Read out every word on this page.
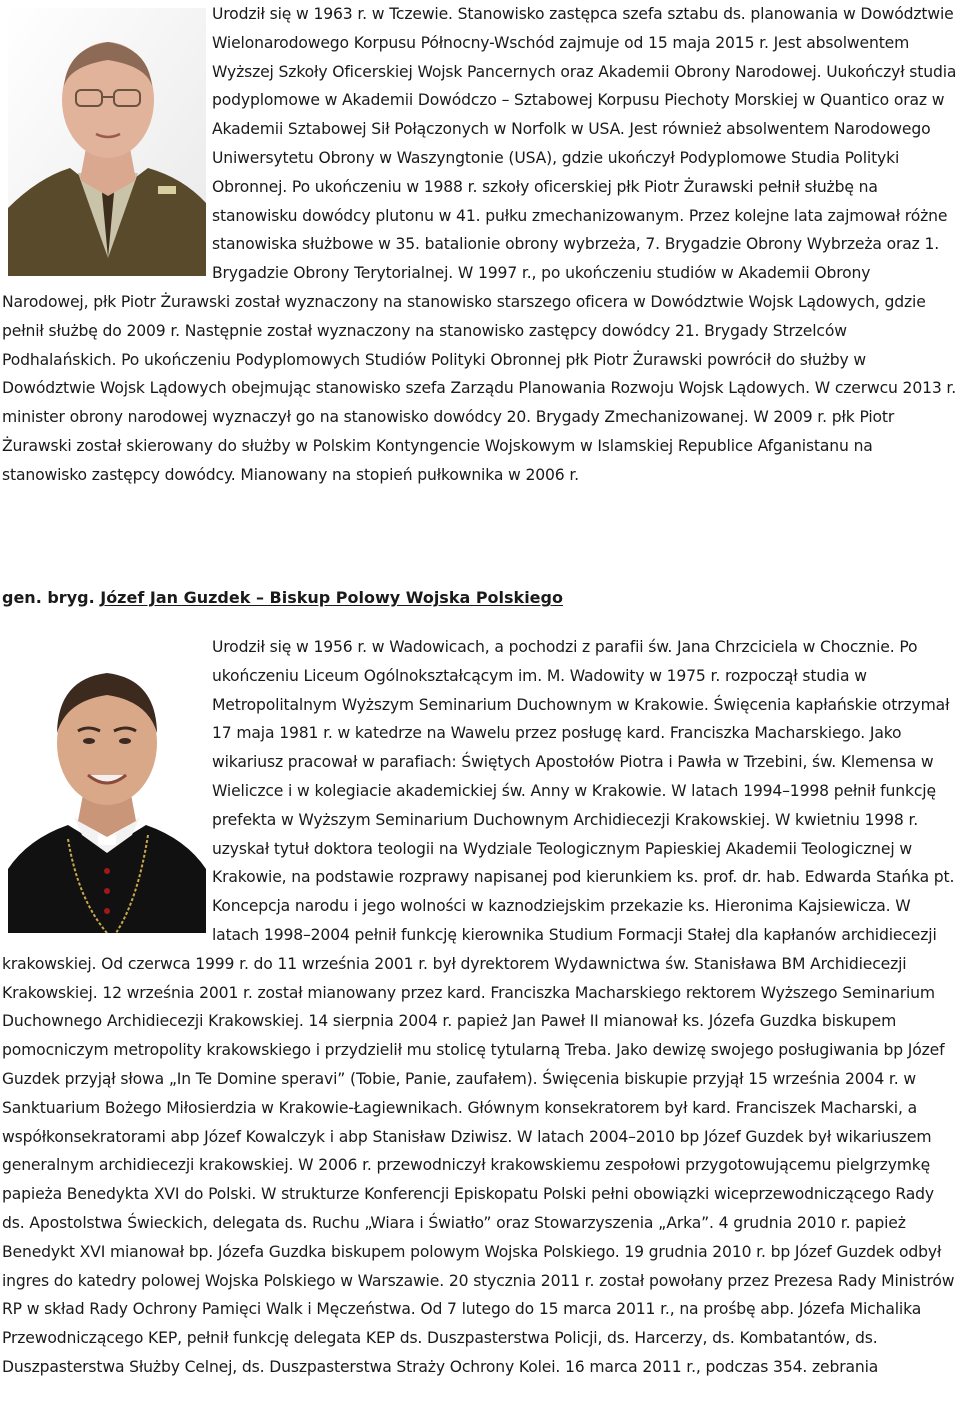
Urodził się w 1963 r. w Tczewie. Stanowisko zastępca szefa sztabu ds. planowania w Dowództwie Wielonarodowego Korpusu Północny-Wschód zajmuje od 15 maja 2015 r. Jest absolwentem Wyższej Szkoły Oficerskiej Wojsk Pancernych oraz Akademii Obrony Narodowej. Uukończył studia podyplomowe w Akademii Dowódczo – Sztabowej Korpusu Piechoty Morskiej w Quantico oraz w Akademii Sztabowej Sił Połączonych w Norfolk w USA. Jest również absolwentem Narodowego Uniwersytetu Obrony w Waszyngtonie (USA), gdzie ukończył Podyplomowe Studia Polityki Obronnej. Po ukończeniu w 1988 r. szkoły oficerskiej płk Piotr Żurawski pełnił służbę na stanowisku dowódcy plutonu w 41. pułku zmechanizowanym. Przez kolejne lata zajmował różne stanowiska służbowe w 35. batalionie obrony wybrzeża, 7. Brygadzie Obrony Wybrzeża oraz 1. Brygadzie Obrony Terytorialnej. W 1997 r., po ukończeniu studiów w Akademii Obrony Narodowej, płk Piotr Żurawski został wyznaczony na stanowisko starszego oficera w Dowództwie Wojsk Lądowych, gdzie pełnił służbę do 2009 r. Następnie został wyznaczony na stanowisko zastępcy dowódcy 21. Brygady Strzelców Podhalańskich. Po ukończeniu Podyplomowych Studiów Polityki Obronnej płk Piotr Żurawski powrócił do służby w Dowództwie Wojsk Lądowych obejmując stanowisko szefa Zarządu Planowania Rozwoju Wojsk Lądowych. W czerwcu 2013 r. minister obrony narodowej wyznaczył go na stanowisko dowódcy 20. Brygady Zmechanizowanej. W 2009 r. płk Piotr Żurawski został skierowany do służby w Polskim Kontyngencie Wojskowym w Islamskiej Republice Afganistanu na stanowisko zastępcy dowódcy. Mianowany na stopień pułkownika w 2006 r.
gen. bryg. Józef Jan Guzdek – Biskup Polowy Wojska Polskiego
Urodził się w 1956 r. w Wadowicach, a pochodzi z parafii św. Jana Chrzciciela w Chocznie. Po ukończeniu Liceum Ogólnokształcącym im. M. Wadowity w 1975 r. rozpoczął studia w Metropolitalnym Wyższym Seminarium Duchownym w Krakowie. Święcenia kapłańskie otrzymał 17 maja 1981 r. w katedrze na Wawelu przez posługę kard. Franciszka Macharskiego. Jako wikariusz pracował w parafiach: Świętych Apostołów Piotra i Pawła w Trzebini, św. Klemensa w Wieliczce i w kolegiacie akademickiej św. Anny w Krakowie. W latach 1994–1998 pełnił funkcję prefekta w Wyższym Seminarium Duchownym Archidiecezji Krakowskiej. W kwietniu 1998 r. uzyskał tytuł doktora teologii na Wydziale Teologicznym Papieskiej Akademii Teologicznej w Krakowie, na podstawie rozprawy napisanej pod kierunkiem ks. prof. dr. hab. Edwarda Stańka pt. Koncepcja narodu i jego wolności w kaznodziejskim przekazie ks. Hieronima Kajsiewicza. W latach 1998–2004 pełnił funkcję kierownika Studium Formacji Stałej dla kapłanów archidiecezji krakowskiej. Od czerwca 1999 r. do 11 września 2001 r. był dyrektorem Wydawnictwa św. Stanisława BM Archidiecezji Krakowskiej. 12 września 2001 r. został mianowany przez kard. Franciszka Macharskiego rektorem Wyższego Seminarium Duchownego Archidiecezji Krakowskiej. 14 sierpnia 2004 r. papież Jan Paweł II mianował ks. Józefa Guzdka biskupem pomocniczym metropolity krakowskiego i przydzielił mu stolicę tytularną Treba. Jako dewizę swojego posługiwania bp Józef Guzdek przyjął słowa „In Te Domine speravi” (Tobie, Panie, zaufałem). Święcenia biskupie przyjął 15 września 2004 r. w Sanktuarium Bożego Miłosierdzia w Krakowie-Łagiewnikach. Głównym konsekratorem był kard. Franciszek Macharski, a współkonsekratorami abp Józef Kowalczyk i abp Stanisław Dziwisz. W latach 2004–2010 bp Józef Guzdek był wikariuszem generalnym archidiecezji krakowskiej. W 2006 r. przewodniczył krakowskiemu zespołowi przygotowującemu pielgrzymkę papieża Benedykta XVI do Polski. W strukturze Konferencji Episkopatu Polski pełni obowiązki wiceprzewodniczącego Rady ds. Apostolstwa Świeckich, delegata ds. Ruchu „Wiara i Światło” oraz Stowarzyszenia „Arka”. 4 grudnia 2010 r. papież Benedykt XVI mianował bp. Józefa Guzdka biskupem polowym Wojska Polskiego. 19 grudnia 2010 r. bp Józef Guzdek odbył ingres do katedry polowej Wojska Polskiego w Warszawie. 20 stycznia 2011 r. został powołany przez Prezesa Rady Ministrów RP w skład Rady Ochrony Pamięci Walk i Męczeństwa. Od 7 lutego do 15 marca 2011 r., na prośbę abp. Józefa Michalika Przewodniczącego KEP, pełnił funkcję delegata KEP ds. Duszpasterstwa Policji, ds. Harcerzy, ds. Kombatantów, ds. Duszpasterstwa Służby Celnej, ds. Duszpasterstwa Straży Ochrony Kolei. 16 marca 2011 r., podczas 354. zebrania
